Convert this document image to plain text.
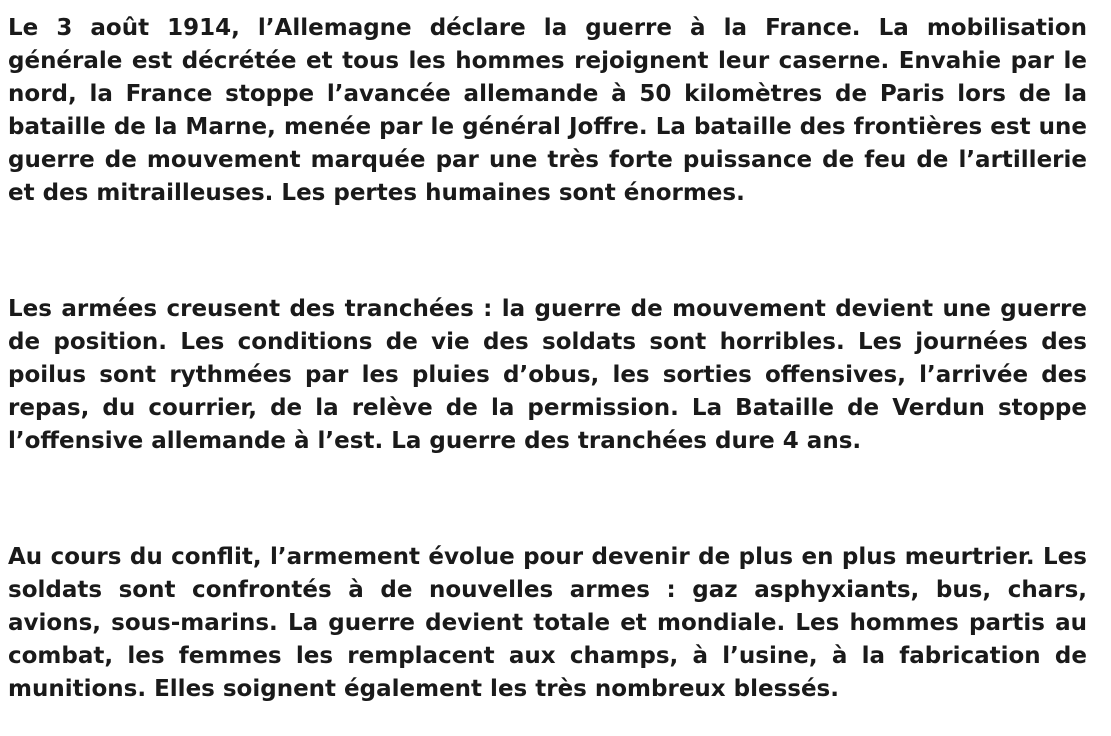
Le 3 août 1914, l’Allemagne déclare la guerre à la France. La mobilisation générale est décrétée et tous les hommes rejoignent leur caserne. Envahie par le nord, la France stoppe l’avancée allemande à 50 kilomètres de Paris lors de la bataille de la Marne, menée par le général Joffre. La bataille des frontières est une guerre de mouvement marquée par une très forte puissance de feu de l’artillerie et des mitrailleuses. Les pertes humaines sont énormes.

Les armées creusent des tranchées : la guerre de mouvement devient une guerre de position. Les conditions de vie des soldats sont horribles. Les journées des poilus sont rythmées par les pluies d’obus, les sorties offensives, l’arrivée des repas, du courrier, de la relève de la permission. La Bataille de Verdun stoppe l’offensive allemande à l’est. La guerre des tranchées dure 4 ans.

Au cours du conflit, l’armement évolue pour devenir de plus en plus meurtrier. Les soldats sont confrontés à de nouvelles armes : gaz asphyxiants, bus, chars, avions, sous-marins. La guerre devient totale et mondiale. Les hommes partis au combat, les femmes les remplacent aux champs, à l’usine, à la fabrication de munitions. Elles soignent également les très nombreux blessés.
